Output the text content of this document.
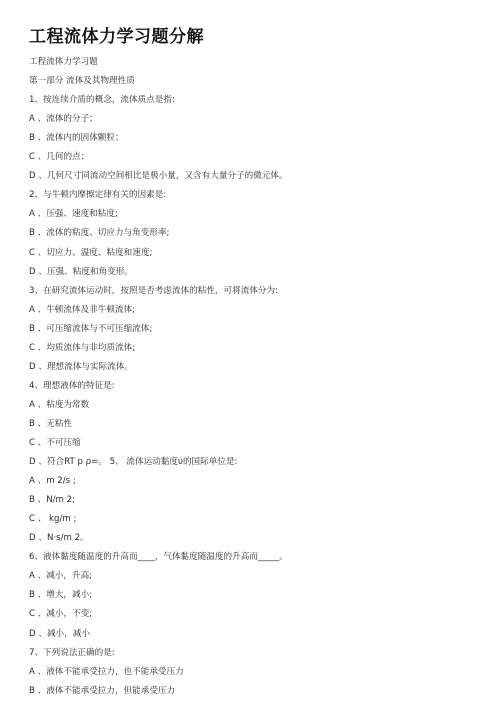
工程流体力学习题分解

工程流体力学习题

第一部分 流体及其物理性质

1、按连续介质的概念，流体质点是指:

A 、流体的分子；

B 、流体内的固体颗粒；

C 、几何的点；

D 、几何尺寸同流动空间相比是极小量，又含有大量分子的微元体。

2、与牛顿内摩擦定律有关的因素是:

A 、压强、速度和粘度;

B 、流体的粘度、切应力与角变形率;

C 、切应力、温度、粘度和速度;

D 、压强、粘度和角变形。

3、在研究流体运动时，按照是否考虑流体的粘性，可将流体分为:

A 、牛顿流体及非牛顿流体;

B 、可压缩流体与不可压缩流体;

C 、均质流体与非均质流体;

D 、理想流体与实际流体。

4、理想液体的特征是:

A 、粘度为常数

B 、无粘性

C 、不可压缩

D 、符合RT p ρ=。 5、 流体运动黏度υ的国际单位是:

A 、m 2/s ;

B 、N/m 2;

C 、 kg/m ;

D 、N·s/m 2。

6、液体黏度随温度的升高而____，气体黏度随温度的升高而_____。

A 、减小，升高;

B 、增大，减小;

C 、减小，不变;

D 、减小，减小

7、下列说法正确的是:

A 、液体不能承受拉力，也不能承受压力

B 、液体不能承受拉力，但能承受压力
